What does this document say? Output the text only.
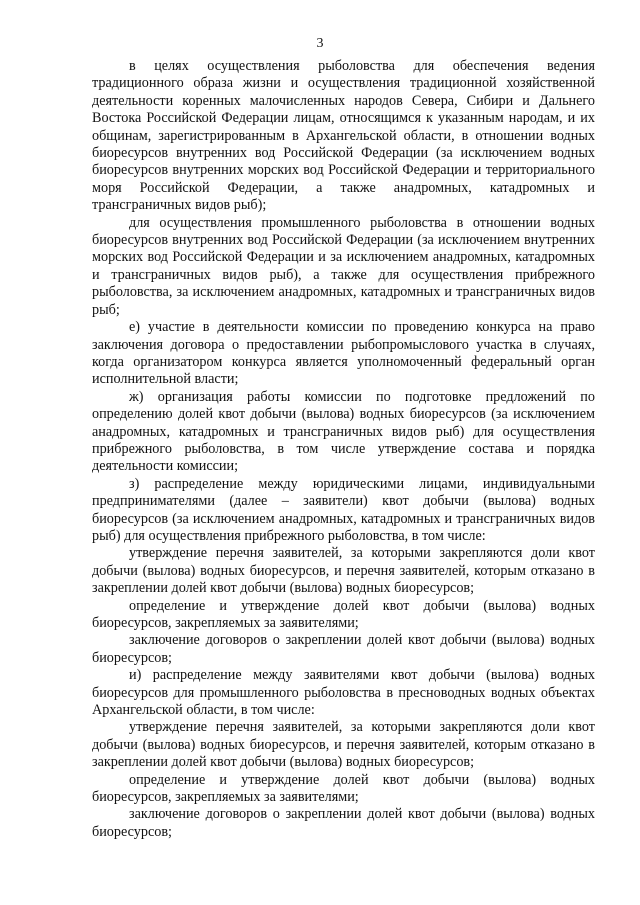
3

в целях осуществления рыболовства для обеспечения ведения традиционного образа жизни и осуществления традиционной хозяйственной деятельности коренных малочисленных народов Севера, Сибири и Дальнего Востока Российской Федерации лицам, относящимся к указанным народам, и их общинам, зарегистрированным в Архангельской области, в отношении водных биоресурсов внутренних вод Российской Федерации (за исключением водных биоресурсов внутренних морских вод Российской Федерации и территориального моря Российской Федерации, а также анадромных, катадромных и трансграничных видов рыб);

для осуществления промышленного рыболовства в отношении водных биоресурсов внутренних вод Российской Федерации (за исключением внутренних морских вод Российской Федерации и за исключением анадромных, катадромных и трансграничных видов рыб), а также для осуществления прибрежного рыболовства, за исключением анадромных, катадромных и трансграничных видов рыб;

е) участие в деятельности комиссии по проведению конкурса на право заключения договора о предоставлении рыбопромыслового участка в случаях, когда организатором конкурса является уполномоченный федеральный орган исполнительной власти;

ж) организация работы комиссии по подготовке предложений по определению долей квот добычи (вылова) водных биоресурсов (за исключением анадромных, катадромных и трансграничных видов рыб) для осуществления прибрежного рыболовства, в том числе утверждение состава и порядка деятельности комиссии;

з) распределение между юридическими лицами, индивидуальными предпринимателями (далее – заявители) квот добычи (вылова) водных биоресурсов (за исключением анадромных, катадромных и трансграничных видов рыб) для осуществления прибрежного рыболовства, в том числе:

утверждение перечня заявителей, за которыми закрепляются доли квот добычи (вылова) водных биоресурсов, и перечня заявителей, которым отказано в закреплении долей квот добычи (вылова) водных биоресурсов;

определение и утверждение долей квот добычи (вылова) водных биоресурсов, закрепляемых за заявителями;

заключение договоров о закреплении долей квот добычи (вылова) водных биоресурсов;

и) распределение между заявителями квот добычи (вылова) водных биоресурсов для промышленного рыболовства в пресноводных водных объектах Архангельской области, в том числе:

утверждение перечня заявителей, за которыми закрепляются доли квот добычи (вылова) водных биоресурсов, и перечня заявителей, которым отказано в закреплении долей квот добычи (вылова) водных биоресурсов;

определение и утверждение долей квот добычи (вылова) водных биоресурсов, закрепляемых за заявителями;

заключение договоров о закреплении долей квот добычи (вылова) водных биоресурсов;
